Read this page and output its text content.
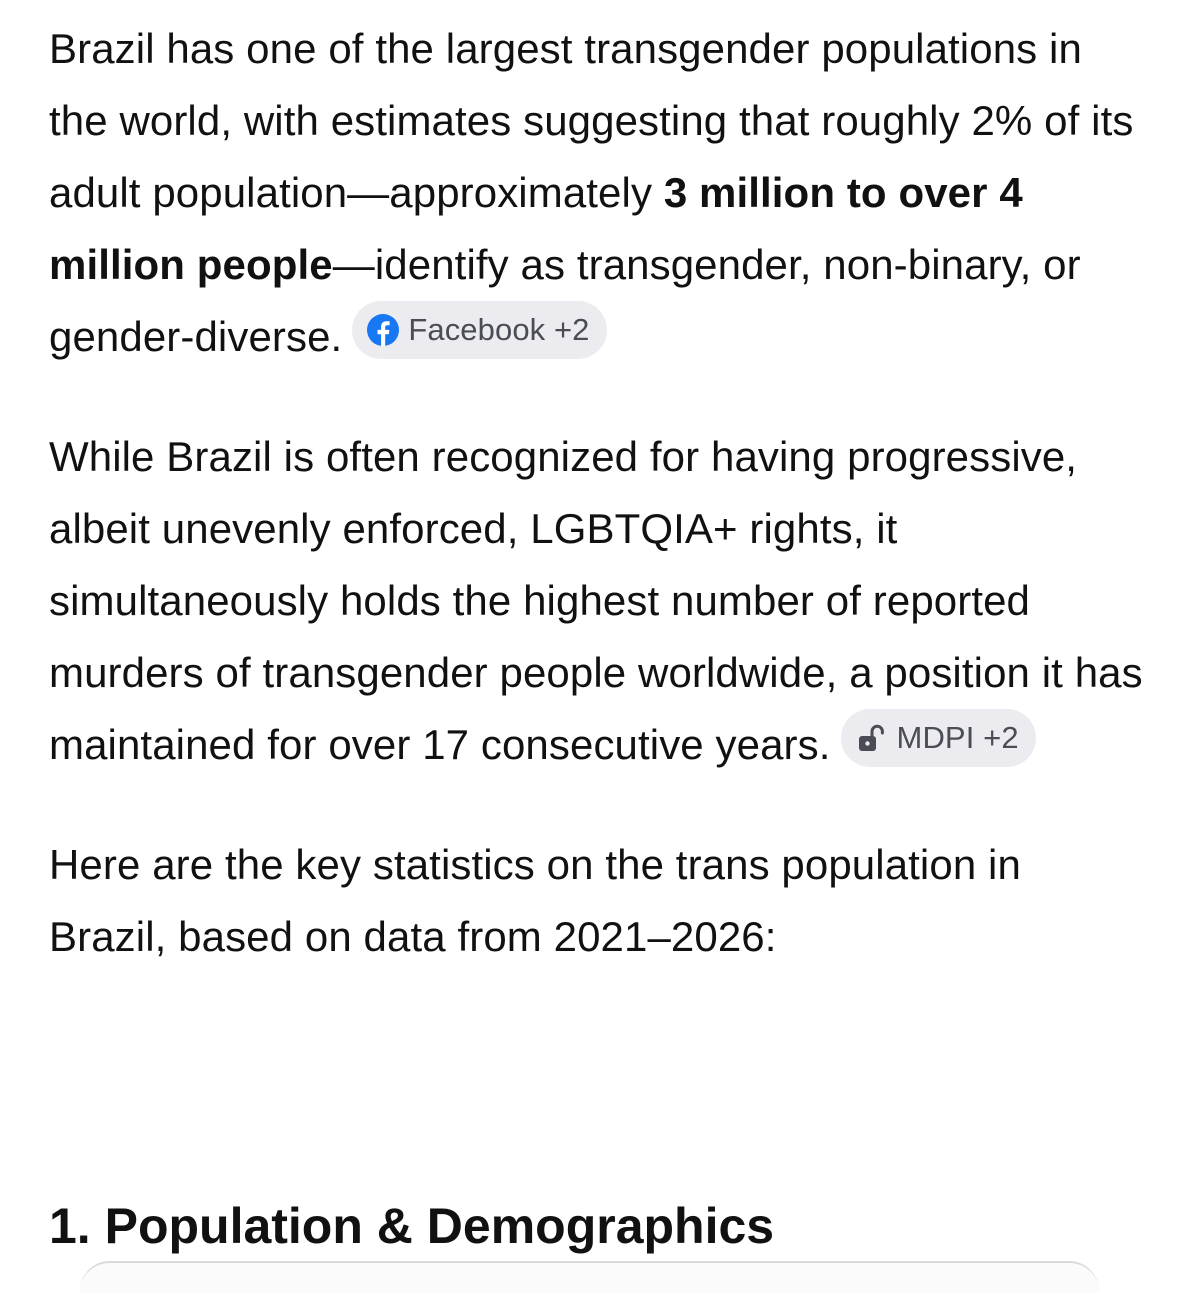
Brazil has one of the largest transgender populations in the world, with estimates suggesting that roughly 2% of its adult population—approximately 3 million to over 4 million people—identify as transgender, non-binary, or gender-diverse. Facebook +2

While Brazil is often recognized for having progressive, albeit unevenly enforced, LGBTQIA+ rights, it simultaneously holds the highest number of reported murders of transgender people worldwide, a position it has maintained for over 17 consecutive years. MDPI +2

Here are the key statistics on the trans population in Brazil, based on data from 2021–2026:

1. Population & Demographics
